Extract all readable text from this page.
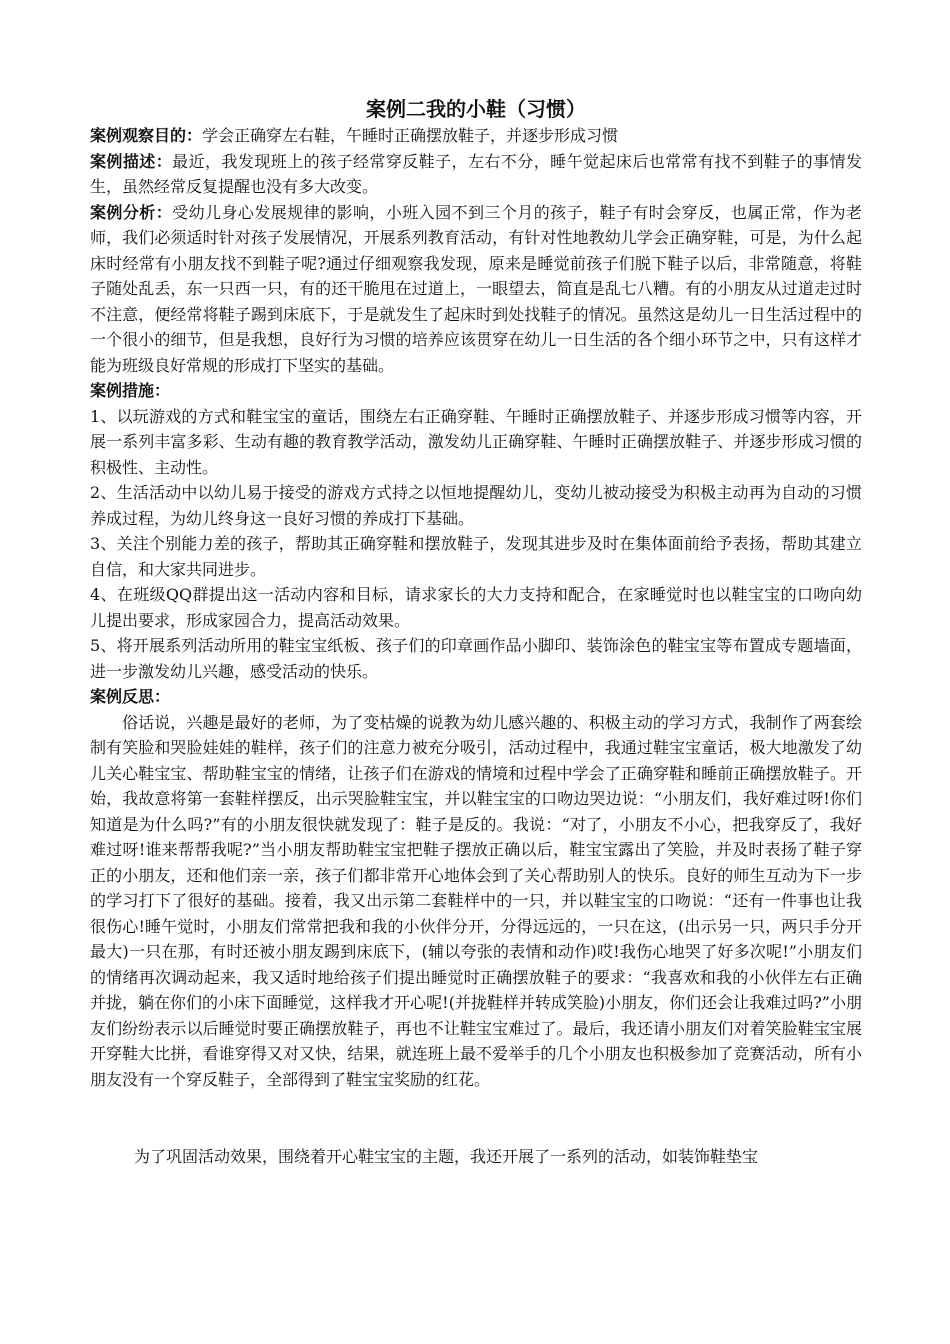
案例二我的小鞋（习惯）

案例观察目的：学会正确穿左右鞋，午睡时正确摆放鞋子，并逐步形成习惯

案例描述：最近，我发现班上的孩子经常穿反鞋子，左右不分，睡午觉起床后也常常有找不到鞋子的事情发生，虽然经常反复提醒也没有多大改变。

案例分析：受幼儿身心发展规律的影响，小班入园不到三个月的孩子，鞋子有时会穿反，也属正常，作为老师，我们必须适时针对孩子发展情况，开展系列教育活动，有针对性地教幼儿学会正确穿鞋，可是，为什么起床时经常有小朋友找不到鞋子呢?通过仔细观察我发现，原来是睡觉前孩子们脱下鞋子以后，非常随意，将鞋子随处乱丢，东一只西一只，有的还干脆甩在过道上，一眼望去，简直是乱七八糟。有的小朋友从过道走过时不注意，便经常将鞋子踢到床底下，于是就发生了起床时到处找鞋子的情况。虽然这是幼儿一日生活过程中的一个很小的细节，但是我想，良好行为习惯的培养应该贯穿在幼儿一日生活的各个细小环节之中，只有这样才能为班级良好常规的形成打下坚实的基础。

案例措施：

1、以玩游戏的方式和鞋宝宝的童话，围绕左右正确穿鞋、午睡时正确摆放鞋子、并逐步形成习惯等内容，开展一系列丰富多彩、生动有趣的教育教学活动，激发幼儿正确穿鞋、午睡时正确摆放鞋子、并逐步形成习惯的积极性、主动性。

2、生活活动中以幼儿易于接受的游戏方式持之以恒地提醒幼儿，变幼儿被动接受为积极主动再为自动的习惯养成过程，为幼儿终身这一良好习惯的养成打下基础。

3、关注个别能力差的孩子，帮助其正确穿鞋和摆放鞋子，发现其进步及时在集体面前给予表扬，帮助其建立自信，和大家共同进步。

4、在班级QQ群提出这一活动内容和目标，请求家长的大力支持和配合，在家睡觉时也以鞋宝宝的口吻向幼儿提出要求，形成家园合力，提高活动效果。

5、将开展系列活动所用的鞋宝宝纸板、孩子们的印章画作品小脚印、装饰涂色的鞋宝宝等布置成专题墙面，进一步激发幼儿兴趣，感受活动的快乐。

案例反思：

俗话说，兴趣是最好的老师，为了变枯燥的说教为幼儿感兴趣的、积极主动的学习方式，我制作了两套绘制有笑脸和哭脸娃娃的鞋样，孩子们的注意力被充分吸引，活动过程中，我通过鞋宝宝童话，极大地激发了幼儿关心鞋宝宝、帮助鞋宝宝的情绪，让孩子们在游戏的情境和过程中学会了正确穿鞋和睡前正确摆放鞋子。开始，我故意将第一套鞋样摆反，出示哭脸鞋宝宝，并以鞋宝宝的口吻边哭边说：“小朋友们，我好难过呀!你们知道是为什么吗?”有的小朋友很快就发现了：鞋子是反的。我说：“对了，小朋友不小心，把我穿反了，我好难过呀!谁来帮帮我呢?”当小朋友帮助鞋宝宝把鞋子摆放正确以后，鞋宝宝露出了笑脸，并及时表扬了鞋子穿正的小朋友，还和他们亲一亲，孩子们都非常开心地体会到了关心帮助别人的快乐。良好的师生互动为下一步的学习打下了很好的基础。接着，我又出示第二套鞋样中的一只，并以鞋宝宝的口吻说：“还有一件事也让我很伤心!睡午觉时，小朋友们常常把我和我的小伙伴分开，分得远远的，一只在这，(出示另一只，两只手分开最大)一只在那，有时还被小朋友踢到床底下，(辅以夸张的表情和动作)哎!我伤心地哭了好多次呢!”小朋友们的情绪再次调动起来，我又适时地给孩子们提出睡觉时正确摆放鞋子的要求：“我喜欢和我的小伙伴左右正确并拢，躺在你们的小床下面睡觉，这样我才开心呢!(并拢鞋样并转成笑脸)小朋友，你们还会让我难过吗?”小朋友们纷纷表示以后睡觉时要正确摆放鞋子，再也不让鞋宝宝难过了。最后，我还请小朋友们对着笑脸鞋宝宝展开穿鞋大比拼，看谁穿得又对又快，结果，就连班上最不爱举手的几个小朋友也积极参加了竞赛活动，所有小朋友没有一个穿反鞋子，全部得到了鞋宝宝奖励的红花。

为了巩固活动效果，围绕着开心鞋宝宝的主题，我还开展了一系列的活动，如装饰鞋垫宝
